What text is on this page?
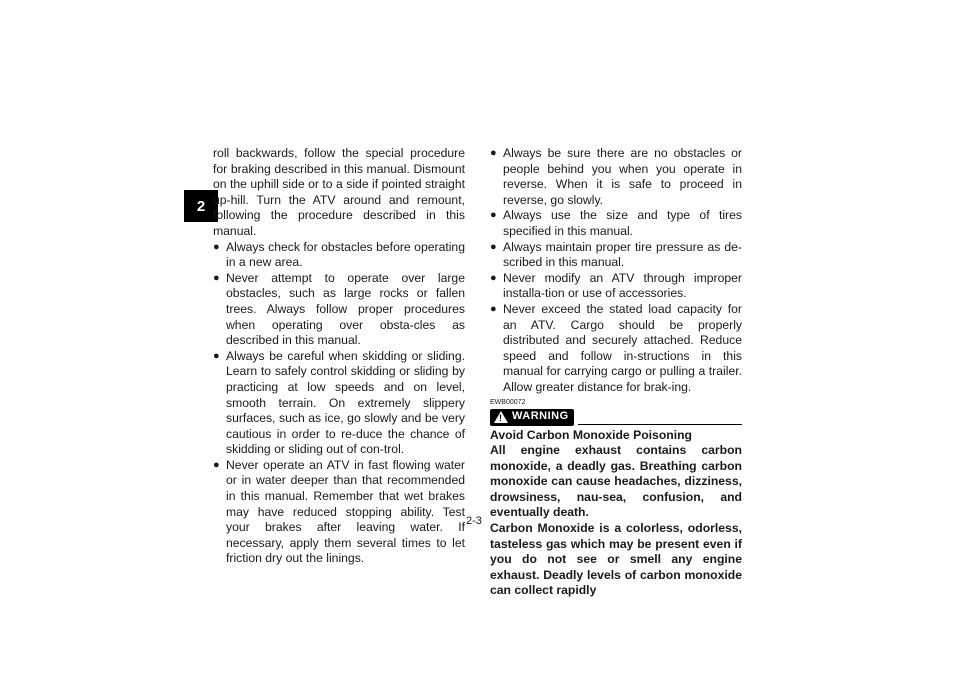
2

roll backwards, follow the special procedure for braking described in this manual. Dismount on the uphill side or to a side if pointed straight up-hill. Turn the ATV around and remount, following the procedure described in this manual.

● Always check for obstacles before operating in a new area.
● Never attempt to operate over large obstacles, such as large rocks or fallen trees. Always follow proper procedures when operating over obsta-cles as described in this manual.
● Always be careful when skidding or sliding. Learn to safely control skidding or sliding by practicing at low speeds and on level, smooth terrain. On extremely slippery surfaces, such as ice, go slowly and be very cautious in order to re-duce the chance of skidding or sliding out of con-trol.
● Never operate an ATV in fast flowing water or in water deeper than that recommended in this manual. Remember that wet brakes may have reduced stopping ability. Test your brakes after leaving water. If necessary, apply them several times to let friction dry out the linings.
● Always be sure there are no obstacles or people behind you when you operate in reverse. When it is safe to proceed in reverse, go slowly.
● Always use the size and type of tires specified in this manual.
● Always maintain proper tire pressure as de-scribed in this manual.
● Never modify an ATV through improper installa-tion or use of accessories.
● Never exceed the stated load capacity for an ATV. Cargo should be properly distributed and securely attached. Reduce speed and follow in-structions in this manual for carrying cargo or pulling a trailer. Allow greater distance for brak-ing.
EWB00072
! WARNING

Avoid Carbon Monoxide Poisoning

All engine exhaust contains carbon monoxide, a deadly gas. Breathing carbon monoxide can cause headaches, dizziness, drowsiness, nau-sea, confusion, and eventually death.

Carbon Monoxide is a colorless, odorless, tasteless gas which may be present even if you do not see or smell any engine exhaust. Deadly levels of carbon monoxide can collect rapidly

2-3
